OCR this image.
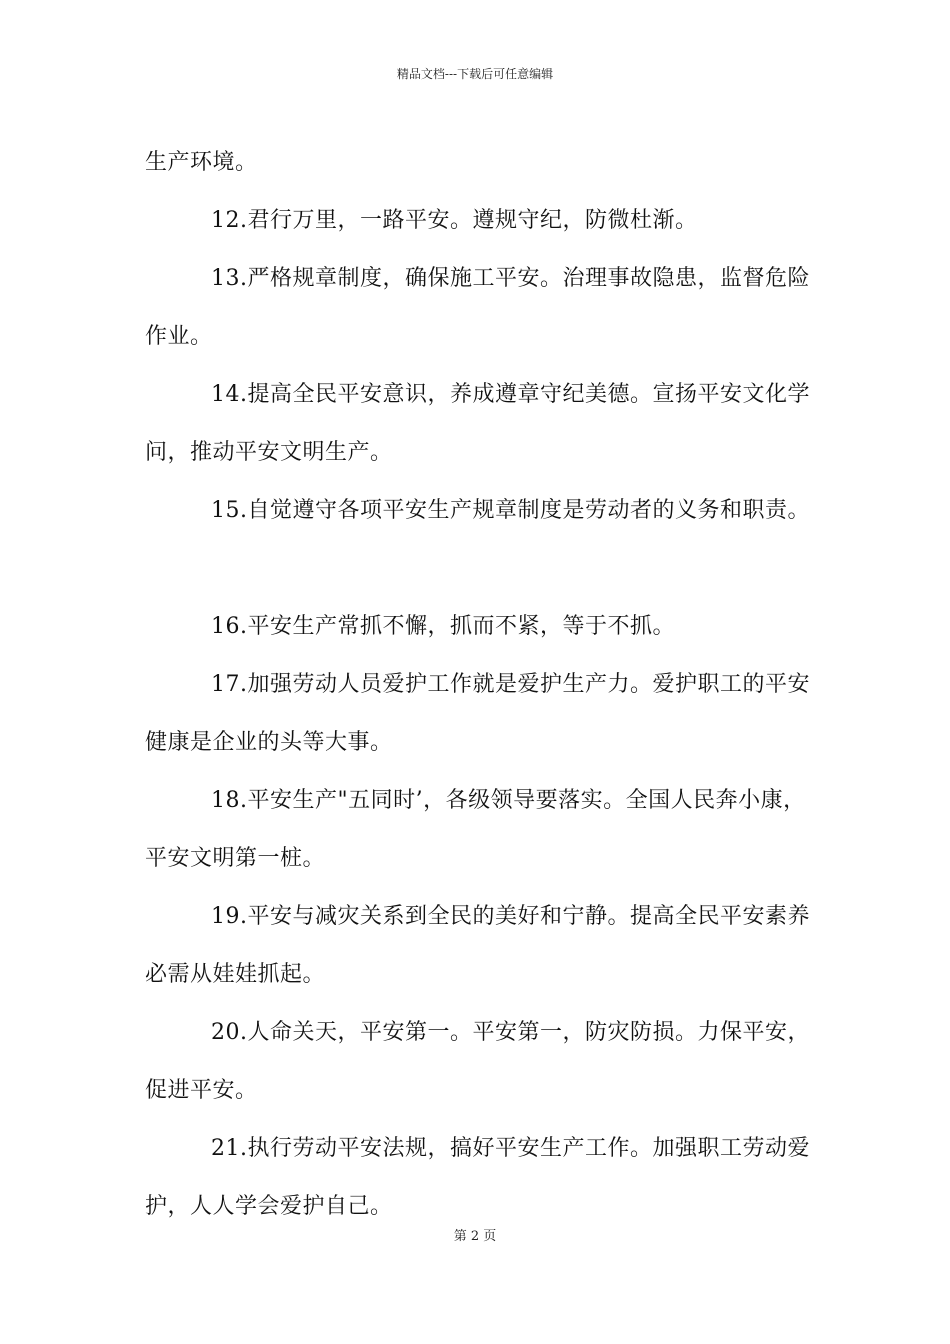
精品文档---下载后可任意编辑
生产环境。
12.君行万里，一路平安。遵规守纪，防微杜渐。
13.严格规章制度，确保施工平安。治理事故隐患，监督危险
作业。
14.提高全民平安意识，养成遵章守纪美德。宣扬平安文化学
问，推动平安文明生产。
15.自觉遵守各项平安生产规章制度是劳动者的义务和职责。
16.平安生产常抓不懈，抓而不紧，等于不抓。
17.加强劳动人员爱护工作就是爱护生产力。爱护职工的平安
健康是企业的头等大事。
18.平安生产"五同时’，各级领导要落实。全国人民奔小康，
平安文明第一桩。
19.平安与减灾关系到全民的美好和宁静。提高全民平安素养
必需从娃娃抓起。
20.人命关天，平安第一。平安第一，防灾防损。力保平安，
促进平安。
21.执行劳动平安法规，搞好平安生产工作。加强职工劳动爱
护，人人学会爱护自己。
第 2 页
